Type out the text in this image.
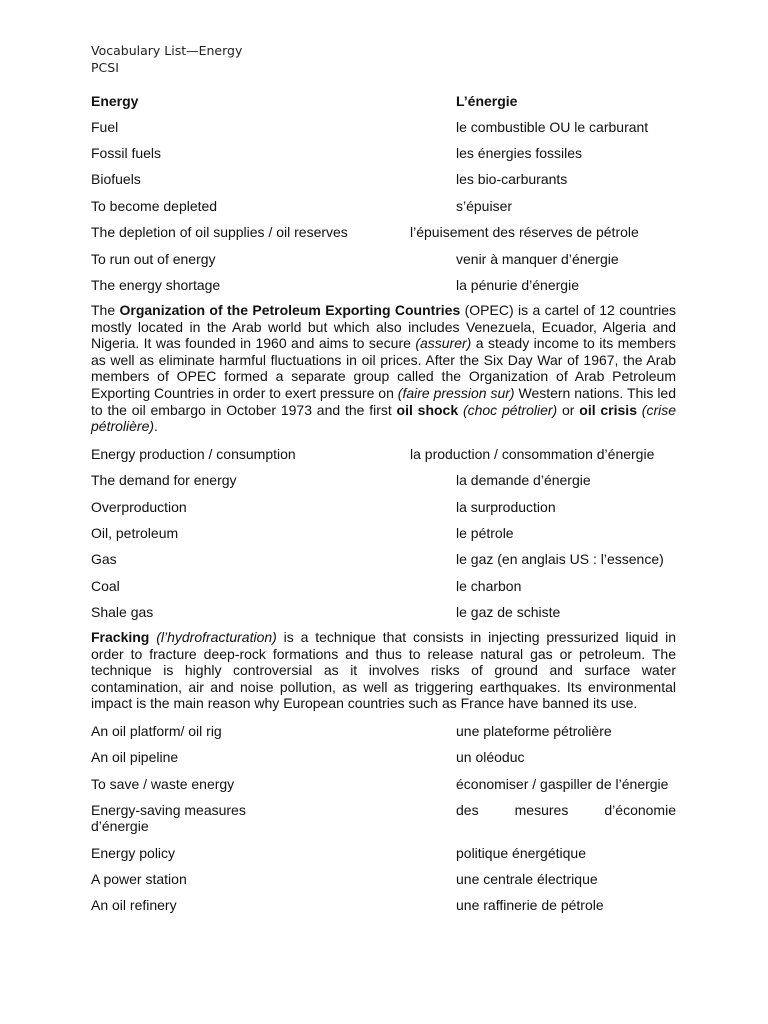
Vocabulary List—Energy
PCSI
Energy	L’énergie
Fuel	le combustible OU le carburant
Fossil fuels	les énergies fossiles
Biofuels	les bio-carburants
To become depleted	s’épuiser
The depletion of oil supplies / oil reserves	l’épuisement des réserves de pétrole
To run out of energy	venir à manquer d’énergie
The energy shortage	la pénurie d’énergie
The Organization of the Petroleum Exporting Countries (OPEC) is a cartel of 12 countries mostly located in the Arab world but which also includes Venezuela, Ecuador, Algeria and Nigeria. It was founded in 1960 and aims to secure (assurer) a steady income to its members as well as eliminate harmful fluctuations in oil prices. After the Six Day War of 1967, the Arab members of OPEC formed a separate group called the Organization of Arab Petroleum Exporting Countries in order to exert pressure on (faire pression sur) Western nations. This led to the oil embargo in October 1973 and the first oil shock (choc pétrolier) or oil crisis (crise pétrolière).
Energy production / consumption	la production / consommation d’énergie
The demand for energy	la demande d’énergie
Overproduction	la surproduction
Oil, petroleum	le pétrole
Gas	le gaz (en anglais US : l’essence)
Coal	le charbon
Shale gas	le gaz de schiste
Fracking (l’hydrofracturation) is a technique that consists in injecting pressurized liquid in order to fracture deep-rock formations and thus to release natural gas or petroleum. The technique is highly controversial as it involves risks of ground and surface water contamination, air and noise pollution, as well as triggering earthquakes. Its environmental impact is the main reason why European countries such as France have banned its use.
An oil platform/ oil rig	une plateforme pétrolière
An oil pipeline	un oléoduc
To save / waste energy	économiser / gaspiller de l’énergie
Energy-saving measures	des mesures d’économie
d’énergie
Energy policy	politique énergétique
A power station	une centrale électrique
An oil refinery	une raffinerie de pétrole
